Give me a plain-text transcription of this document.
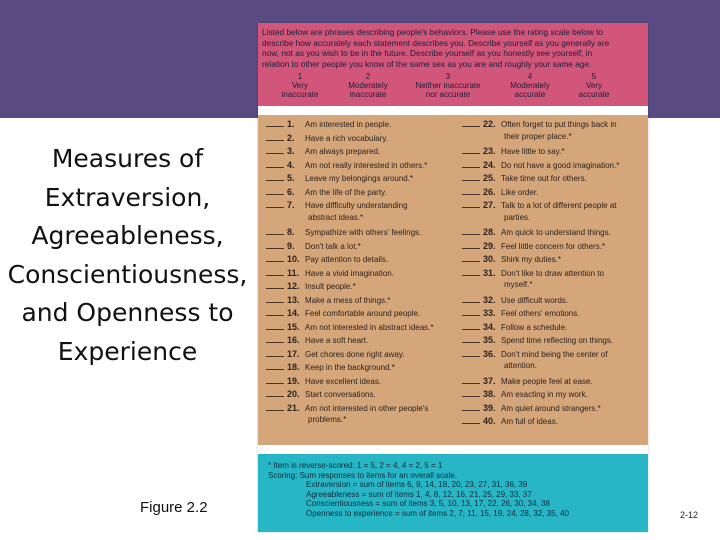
Measures of
Extraversion,
Agreeableness,
Conscientiousness,
and Openness to
Experience
Figure 2.2	2-12
Listed below are phrases describing people's behaviors. Please use the rating scale below to
describe how accurately each statement describes you. Describe yourself as you generally are
now, not as you wish to be in the future. Describe yourself as you honestly see yourself, in
relation to other people you know of the same sex as you are and roughly your same age.
1
Very
inaccurate
2
Moderately
inaccurate
3
Neither inaccurate
nor accurate
4
Moderately
accurate
5
Very
accurate
1.	Am interested in people.
2.	Have a rich vocabulary.
3.	Am always prepared.
4.	Am not really interested in others.*
5.	Leave my belongings around.*
6.	Am the life of the party.
7.	Have difficulty understanding
abstract ideas.*
8.	Sympathize with others' feelings.
9.	Don't talk a lot.*
10. Pay attention to details.
11. Have a vivid imagination.
12. Insult people.*
13. Make a mess of things.*
14. Feel comfortable around people.
15. Am not interested in abstract ideas.*
16. Have a soft heart.
17. Get chores done right away.
18. Keep in the background.*
19. Have excellent ideas.
20. Start conversations.
21. Am not interested in other people's
problems.*
22. Often forget to put things back in
their proper place.*
23. Have little to say.*
24. Do not have a good imagination.*
25. Take time out for others.
26. Like order.
27. Talk to a lot of different people at
parties.
28. Am quick to understand things.
29. Feel little concern for others.*
30. Shirk my duties.*
31. Don't like to draw attention to
myself.*
32. Use difficult words.
33. Feel others' emotions.
34. Follow a schedule.
35. Spend time reflecting on things.
36. Don't mind being the center of
attention.
37. Make people feel at ease.
38. Am exacting in my work.
39. Am quiet around strangers.*
40. Am full of ideas.
* Item is reverse-scored: 1 = 5, 2 = 4, 4 = 2, 5 = 1
Scoring: Sum responses to items for an overall scale.
Extraversion = sum of items 6, 9, 14, 18, 20, 23, 27, 31, 36, 39
Agreeableness = sum of items 1, 4, 8, 12, 16, 21, 25, 29, 33, 37
Conscientiousness = sum of items 3, 5, 10, 13, 17, 22, 26, 30, 34, 38
Openness to experience = sum of items 2, 7, 11, 15, 19, 24, 28, 32, 35, 40
